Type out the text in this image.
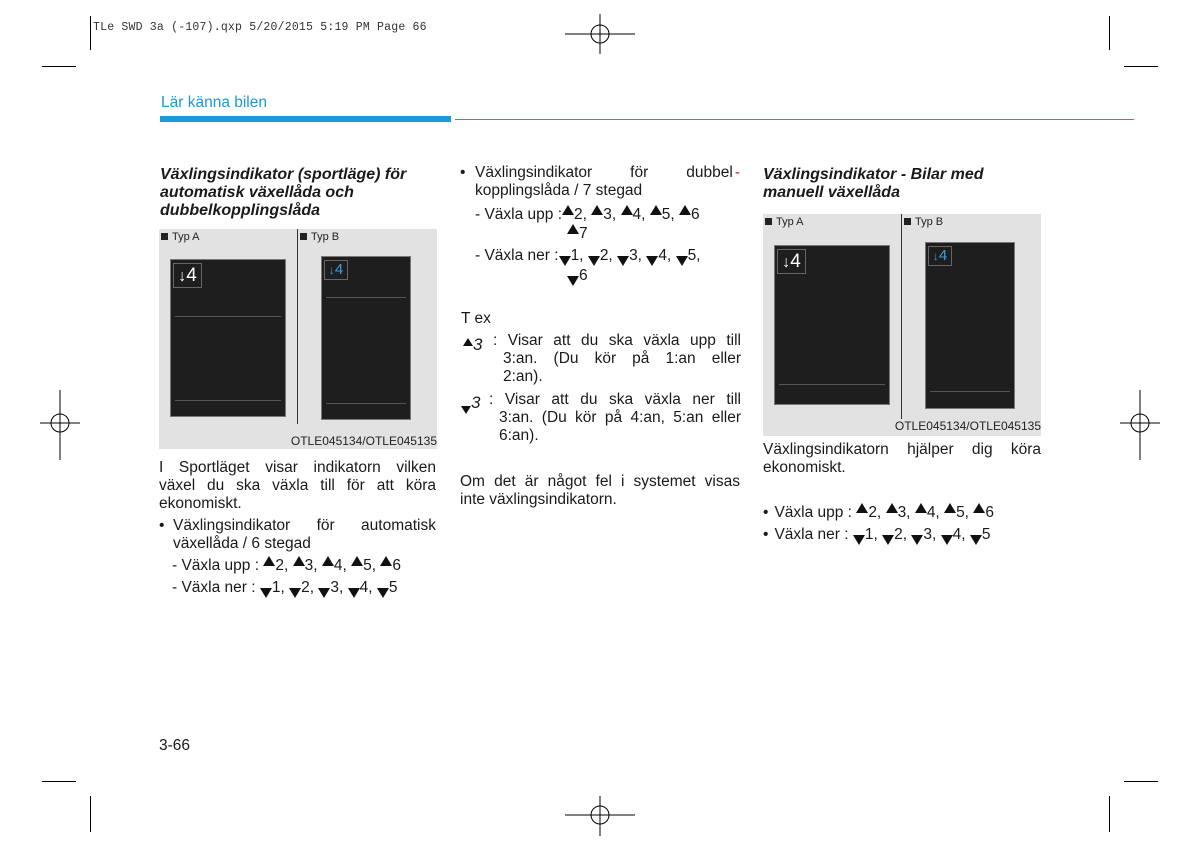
TLe SWD 3a (-107).qxp 5/20/2015 5:19 PM Page 66
Lär känna bilen
Växlingsindikator (sportläge) för
automatisk växellåda och
dubbelkopplingslåda
Typ A	Typ B
↓4	↓4
OTLE045134/OTLE045135
I Sportläget visar indikatorn vilken
växel du ska växla till för att köra
ekonomiskt.
• Växlingsindikator för automatisk
växellåda / 6 stegad
- Växla upp : 2, 3, 4, 5, 6
- Växla ner : 1, 2, 3, 4, 5
• Växlingsindikator för dubbel -
kopplingslåda / 7 stegad
- Växla upp : 2, 3, 4, 5, 6
7
- Växla ner : 1, 2, 3, 4, 5,
6
T ex
3 : Visar att du ska växla upp till
3:an. (Du kör på 1:an eller
2:an).
3 : Visar att du ska växla ner till
3:an. (Du kör på 4:an, 5:an eller
6:an).
Om det är något fel i systemet visas
inte växlingsindikatorn.
Växlingsindikator - Bilar med
manuell växellåda
Typ A	Typ B
↓4	↓4
OTLE045134/OTLE045135
Växlingsindikatorn hjälper dig köra
ekonomiskt.
• Växla upp : 2, 3, 4, 5, 6
• Växla ner : 1, 2, 3, 4, 5
3-66
